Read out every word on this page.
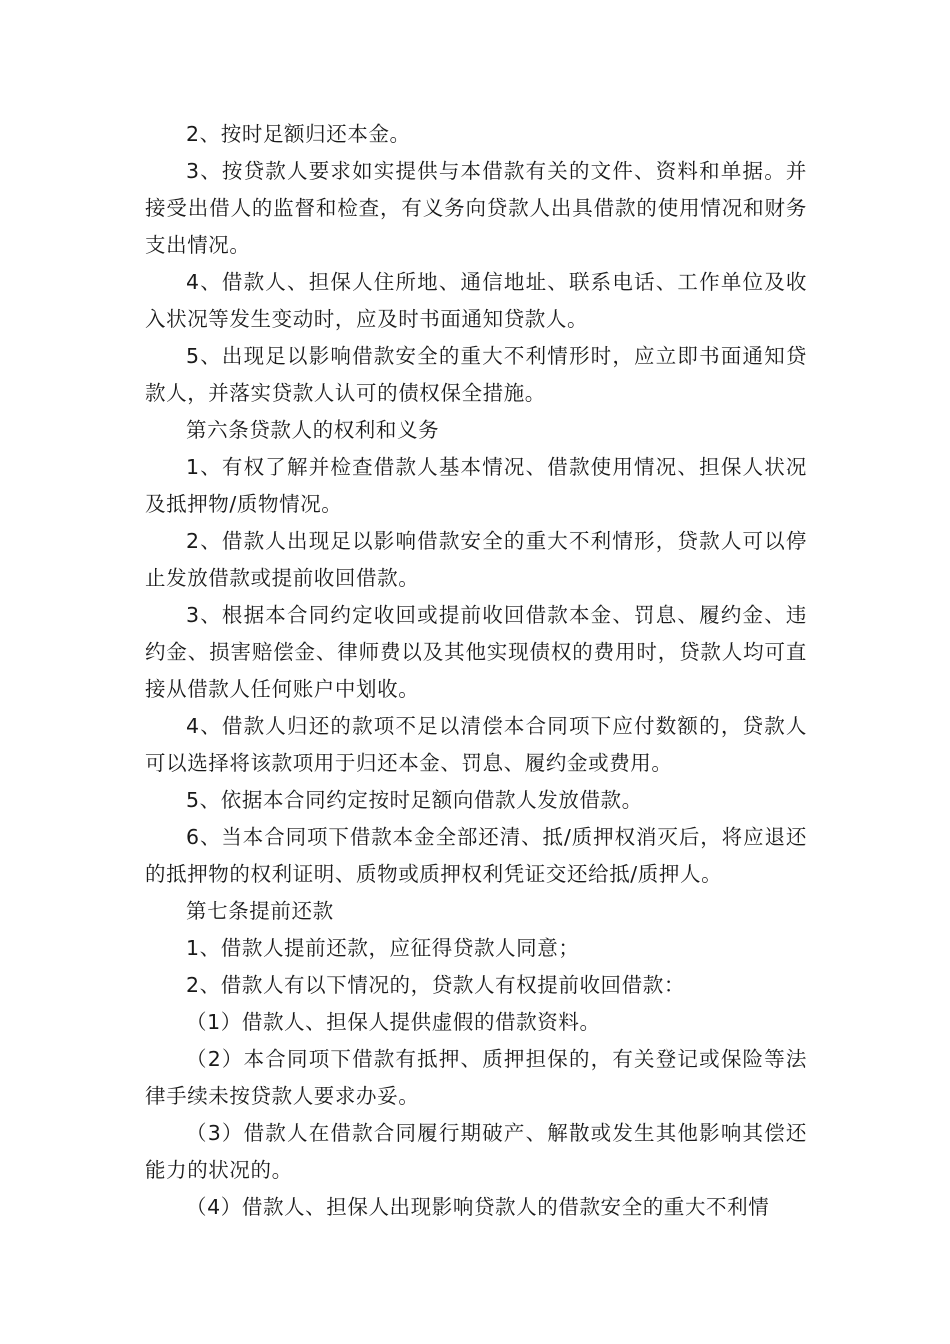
2、按时足额归还本金。

3、按贷款人要求如实提供与本借款有关的文件、资料和单据。并接受出借人的监督和检查，有义务向贷款人出具借款的使用情况和财务支出情况。

4、借款人、担保人住所地、通信地址、联系电话、工作单位及收入状况等发生变动时，应及时书面通知贷款人。

5、出现足以影响借款安全的重大不利情形时，应立即书面通知贷款人，并落实贷款人认可的债权保全措施。

第六条贷款人的权利和义务

1、有权了解并检查借款人基本情况、借款使用情况、担保人状况及抵押物/质物情况。

2、借款人出现足以影响借款安全的重大不利情形，贷款人可以停止发放借款或提前收回借款。

3、根据本合同约定收回或提前收回借款本金、罚息、履约金、违约金、损害赔偿金、律师费以及其他实现债权的费用时，贷款人均可直接从借款人任何账户中划收。

4、借款人归还的款项不足以清偿本合同项下应付数额的，贷款人可以选择将该款项用于归还本金、罚息、履约金或费用。

5、依据本合同约定按时足额向借款人发放借款。

6、当本合同项下借款本金全部还清、抵/质押权消灭后，将应退还的抵押物的权利证明、质物或质押权利凭证交还给抵/质押人。

第七条提前还款

1、借款人提前还款，应征得贷款人同意；

2、借款人有以下情况的，贷款人有权提前收回借款：

（1）借款人、担保人提供虚假的借款资料。

（2）本合同项下借款有抵押、质押担保的，有关登记或保险等法律手续未按贷款人要求办妥。

（3）借款人在借款合同履行期破产、解散或发生其他影响其偿还能力的状况的。

（4）借款人、担保人出现影响贷款人的借款安全的重大不利情
